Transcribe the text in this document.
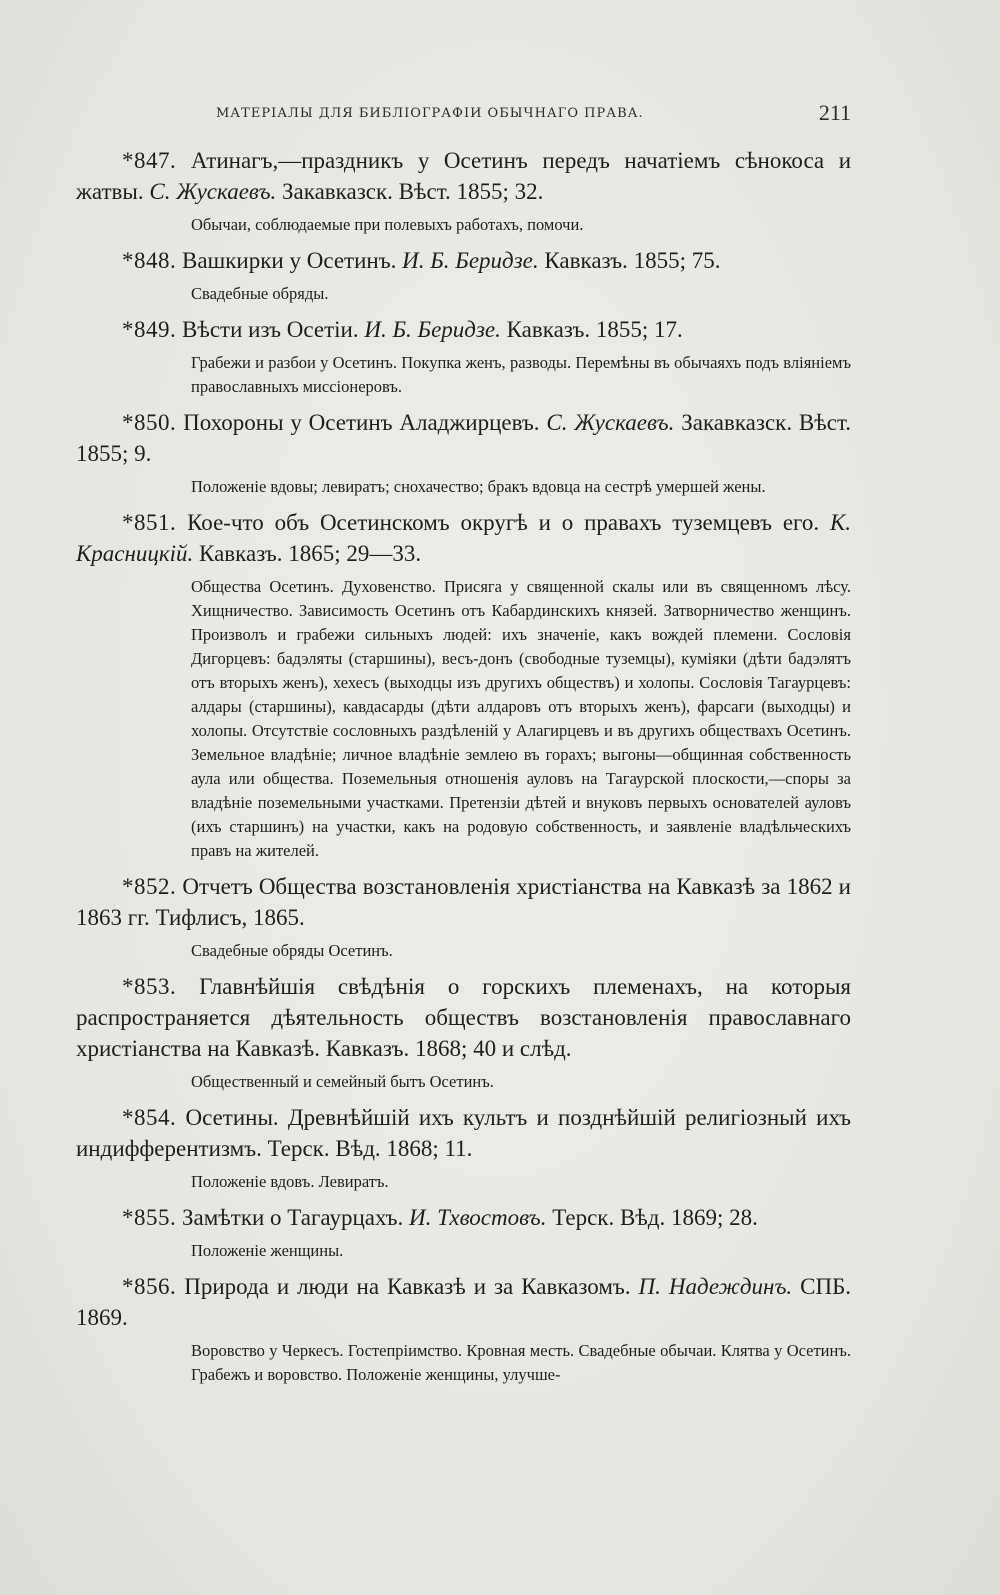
МАТЕРІАЛЫ ДЛЯ БИБЛІОГРАФІИ ОБЫЧНАГО ПРАВА.	211

*847. Атинагъ,—праздникъ у Осетинъ передъ начатіемъ сѣнокоса и жатвы. С. Жускаевъ. Закавказск. Вѣст. 1855; 32.

Обычаи, соблюдаемые при полевыхъ работахъ, помочи.

*848. Вашкирки у Осетинъ. И. Б. Беридзе. Кавказъ. 1855; 75.

Свадебные обряды.

*849. Вѣсти изъ Осетіи. И. Б. Беридзе. Кавказъ. 1855; 17.

Грабежи и разбои у Осетинъ. Покупка женъ, разводы. Перемѣны въ обычаяхъ подъ вліяніемъ православныхъ миссіонеровъ.

*850. Похороны у Осетинъ Аладжирцевъ. С. Жускаевъ. Закавказск. Вѣст. 1855; 9.

Положеніе вдовы; левиратъ; снохачество; бракъ вдовца на сестрѣ умершей жены.

*851. Кое-что объ Осетинскомъ округѣ и о правахъ туземцевъ его. К. Красницкій. Кавказъ. 1865; 29—33.

Общества Осетинъ. Духовенство. Присяга у священной скалы или въ священномъ лѣсу. Хищничество. Зависимость Осетинъ отъ Кабардинскихъ князей. Затворничество женщинъ. Произволъ и грабежи сильныхъ людей: ихъ значеніе, какъ вождей племени. Сословія Дигорцевъ: бадэляты (старшины), весъ-донъ (свободные туземцы), куміяки (дѣти бадэлятъ отъ вторыхъ женъ), хехесъ (выходцы изъ другихъ обществъ) и холопы. Сословія Тагаурцевъ: алдары (старшины), кавдасарды (дѣти алдаровъ отъ вторыхъ женъ), фарсаги (выходцы) и холопы. Отсутствіе сословныхъ раздѣленій у Алагирцевъ и въ другихъ обществахъ Осетинъ. Земельное владѣніе; личное владѣніе землею въ горахъ; выгоны—общинная собственность аула или общества. Поземельныя отношенія ауловъ на Тагаурской плоскости,—споры за владѣніе поземельными участками. Претензіи дѣтей и внуковъ первыхъ основателей ауловъ (ихъ старшинъ) на участки, какъ на родовую собственность, и заявленіе владѣльческихъ правъ на жителей.

*852. Отчетъ Общества возстановленія христіанства на Кавказѣ за 1862 и 1863 гг. Тифлисъ, 1865.

Свадебные обряды Осетинъ.

*853. Главнѣйшія свѣдѣнія о горскихъ племенахъ, на которыя распространяется дѣятельность обществъ возстановленія православнаго христіанства на Кавказѣ. Кавказъ. 1868; 40 и слѣд.

Общественный и семейный бытъ Осетинъ.

*854. Осетины. Древнѣйшій ихъ культъ и позднѣйшій религіозный ихъ индифферентизмъ. Терск. Вѣд. 1868; 11.

Положеніе вдовъ. Левиратъ.

*855. Замѣтки о Тагаурцахъ. И. Тхвостовъ. Терск. Вѣд. 1869; 28.

Положеніе женщины.

*856. Природа и люди на Кавказѣ и за Кавказомъ. П. Надеждинъ. СПБ. 1869.

Воровство у Черкесъ. Гостепріимство. Кровная месть. Свадебные обычаи. Клятва у Осетинъ. Грабежъ и воровство. Положеніе женщины, улучше-
